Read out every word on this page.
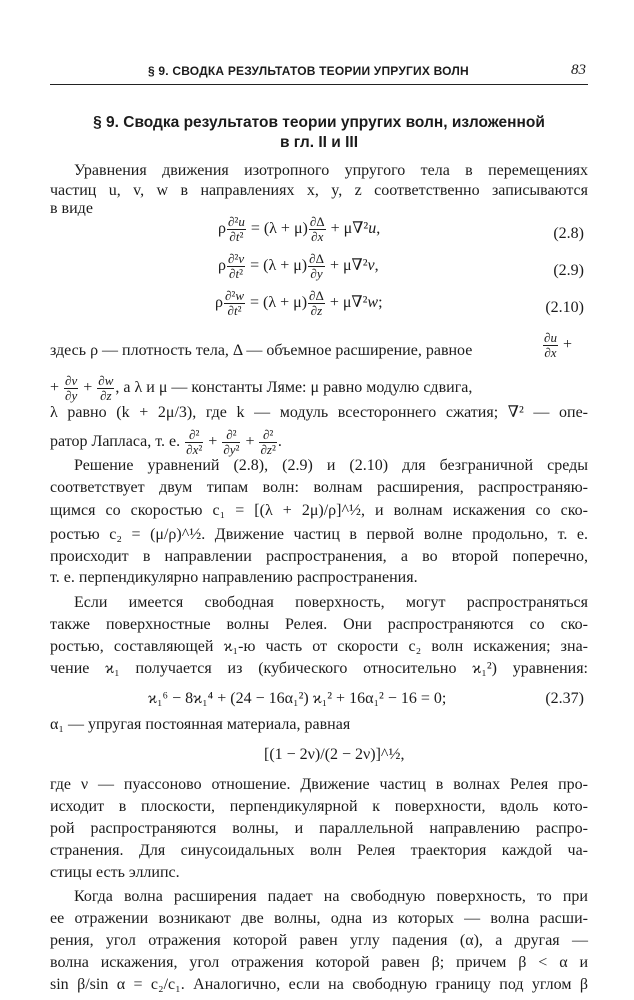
§ 9. СВОДКА РЕЗУЛЬТАТОВ ТЕОРИИ УПРУГИХ ВОЛН	83
§ 9. Сводка результатов теории упругих волн, изложенной
в гл. II и III
Уравнения движения изотропного упругого тела в перемещениях
частиц u, v, w в направлениях x, y, z соответственно записываются
в виде
ρ $\frac{\text{∂²u}}{\text{∂t²}} = (\lambda + \mu) \frac{\partial\Delta}{\partial x} + \mu\nabla^2u$,	(2.8)
ρ $\frac{\text{∂²v}}{\text{∂t²}} = (\lambda + \mu) \frac{\partial\Delta}{\partial y} + \mu\nabla^2v$,	(2.9)
ρ $\frac{\text{∂²w}}{\text{∂t²}} = (\lambda + \mu) \frac{\partial\Delta}{\partial z} + \mu\nabla^2w$;	(2.10)
здесь ρ — плотность тела, Δ — объемное расширение, равное	$\frac{\partial u}{\partial x}$ +
+ $\frac{\partial v}{\partial y} + \frac{\partial w}{\partial z}$ , а λ и μ — константы Ляме: μ равно модулю сдвига,
λ равно (k + 2μ/3), где k — модуль всестороннего сжатия; ∇² — опе-
ратор Лапласа, т. е. $\frac{\text{∂²}}{\text{∂x²}} + \frac{\text{∂²}}{\text{∂y²}} + \frac{\text{∂²}}{\text{∂z²}}$ .
Решение уравнений (2.8), (2.9) и (2.10) для безграничной среды
соответствует двум типам волн: волнам расширения, распространяю-
щимся со скоростью c₁ = [(λ + 2μ)/ρ]^½, и волнам искажения со ско-
ростью c₂ = (μ/ρ)^½. Движение частиц в первой волне продольно, т. е.
происходит в направлении распространения, а во второй поперечно,
т. е. перпендикулярно направлению распространения.
Если имеется свободная поверхность, могут распространяться
также поверхностные волны Релея. Они распространяются со ско-
ростью, составляющей ϰ₁-ю часть от скорости c₂ волн искажения; зна-
чение ϰ₁ получается из (кубического относительно ϰ₁²) уравнения:
ϰ₁⁶ − 8ϰ₁⁴ + (24 − 16α₁²) ϰ₁² + 16α₁² − 16 = 0;	(2.37)
α₁ — упругая постоянная материала, равная
[(1 − 2ν)/(2 − 2ν)]^½,
где ν — пуассоново отношение. Движение частиц в волнах Релея про-
исходит в плоскости, перпендикулярной к поверхности, вдоль кото-
рой распространяются волны, и параллельной направлению распро-
странения. Для синусоидальных волн Релея траектория каждой ча-
стицы есть эллипс.
Когда волна расширения падает на свободную поверхность, то при
ее отражении возникают две волны, одна из которых — волна расши-
рения, угол отражения которой равен углу падения (α), а другая —
волна искажения, угол отражения которой равен β; причем β < α и
sin β/sin α = c₂/c₁. Аналогично, если на свободную границу под углом β
